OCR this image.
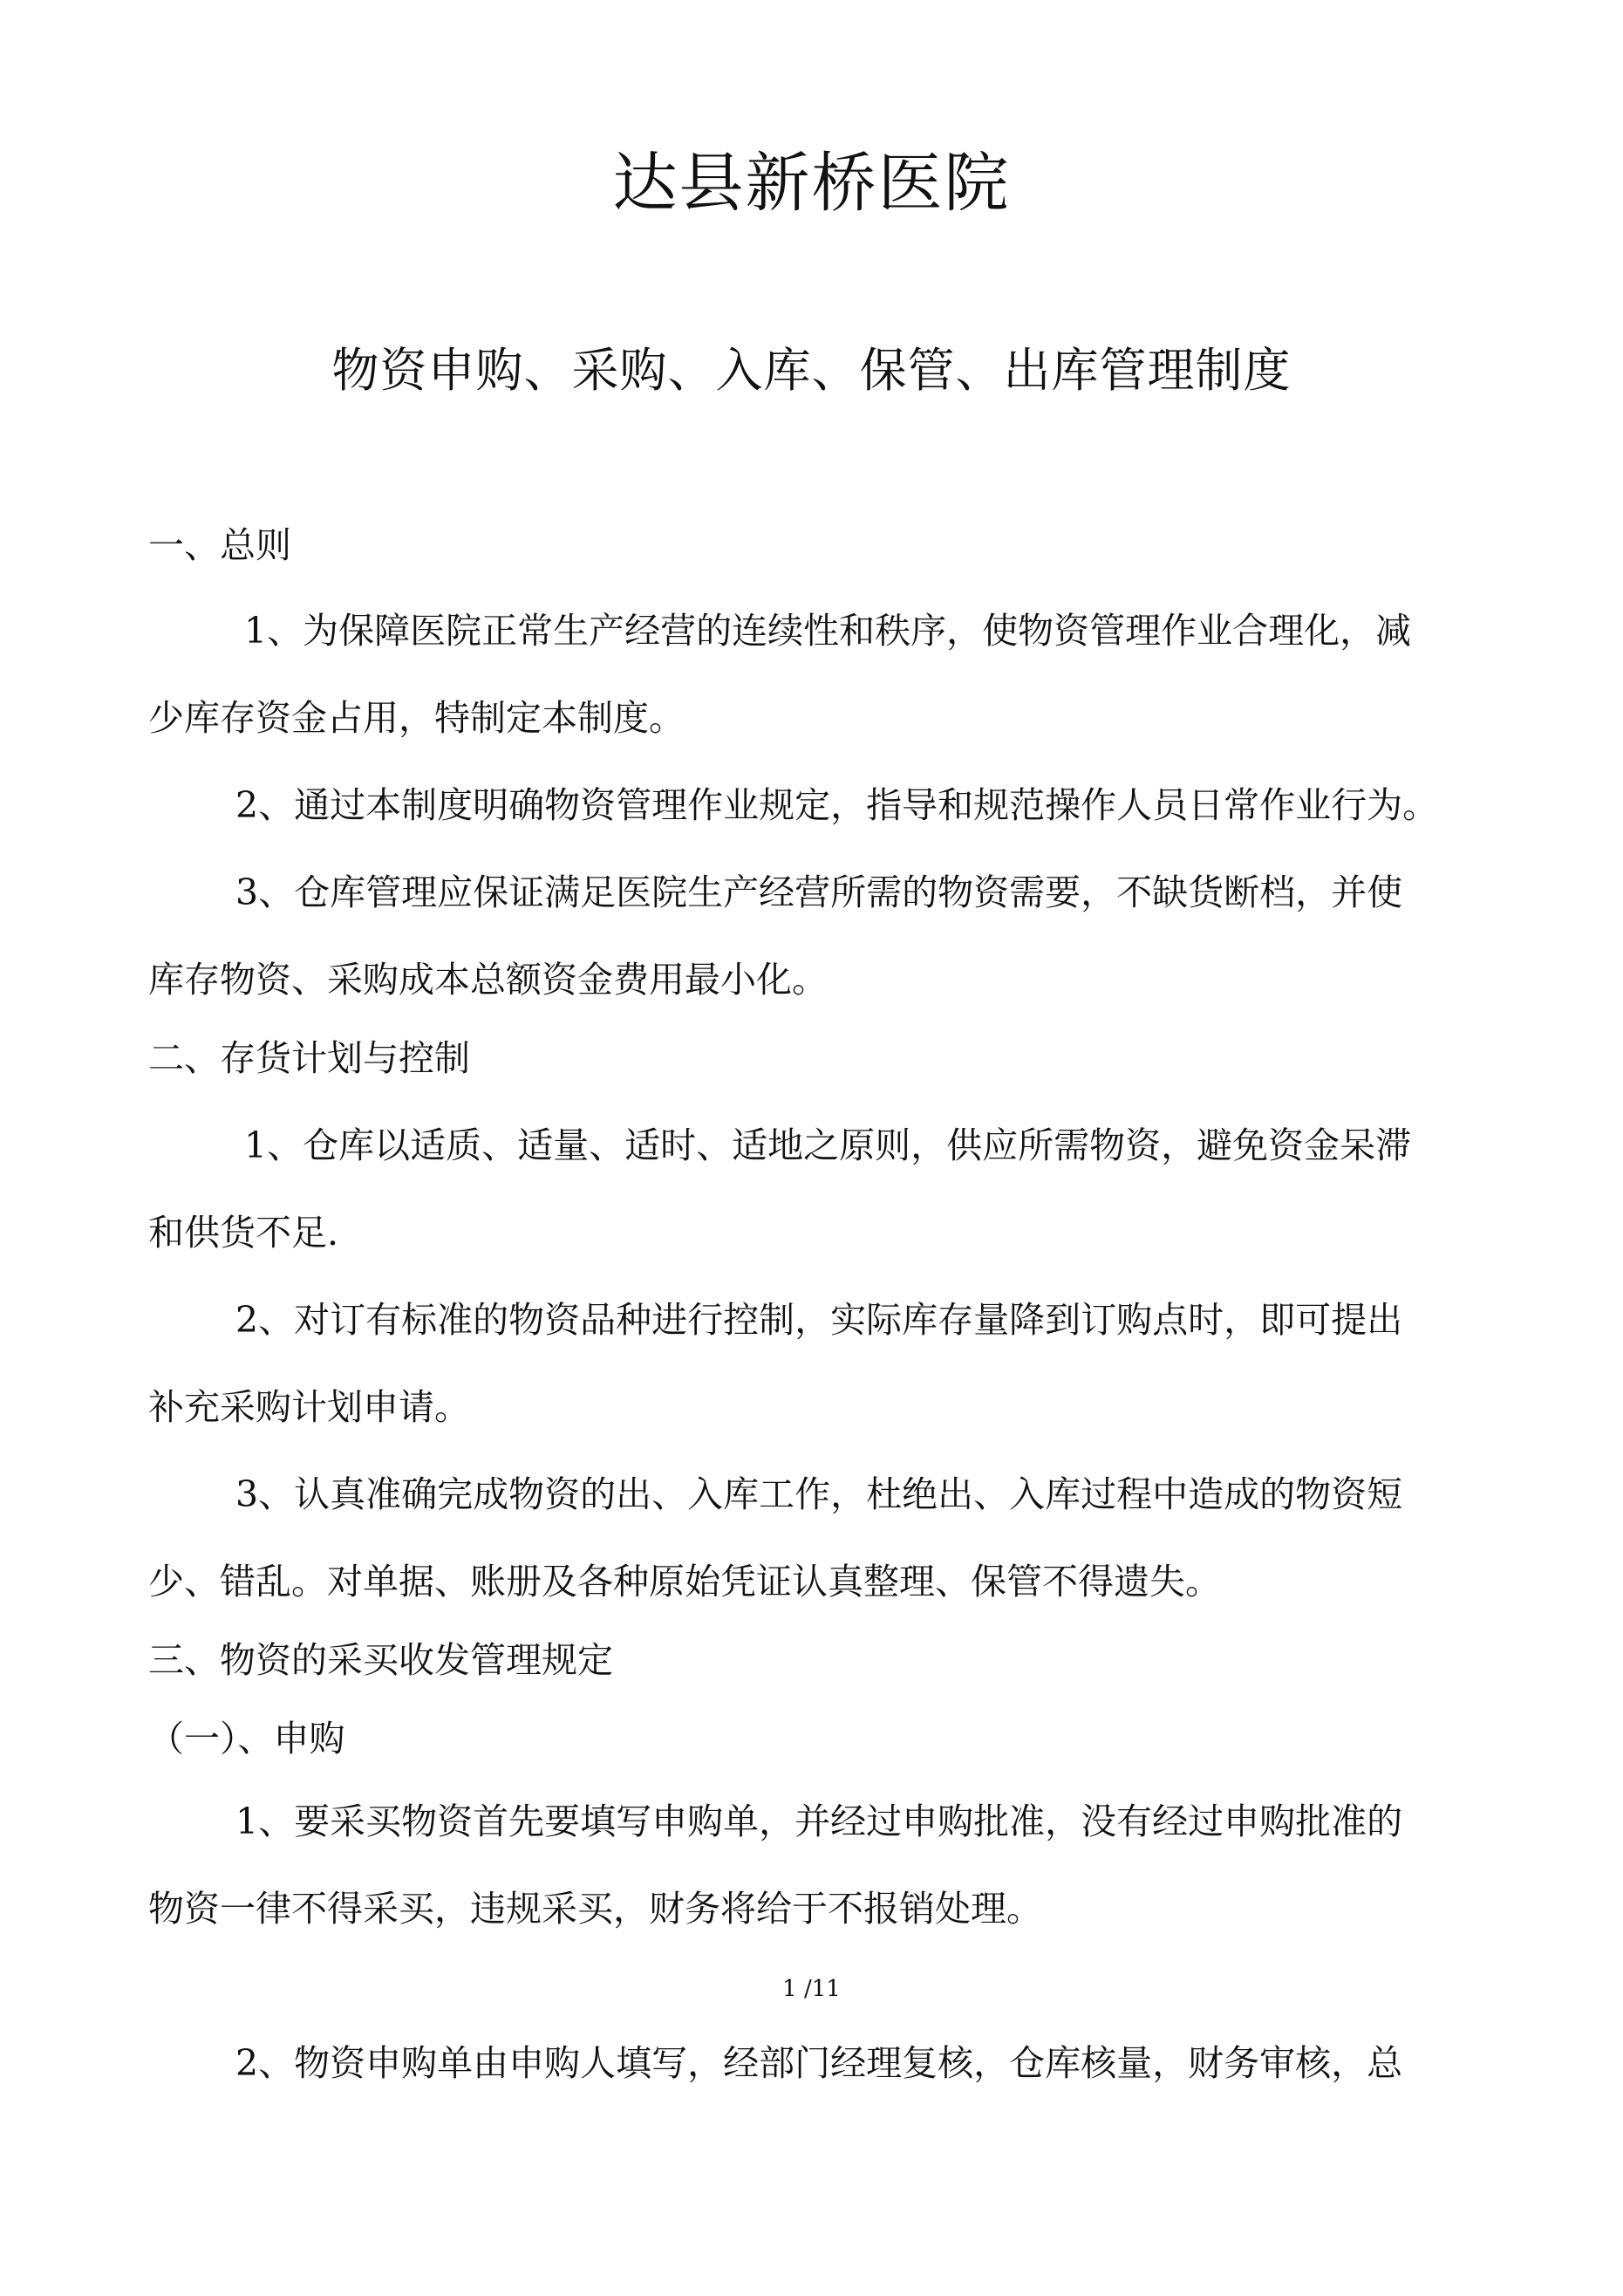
达县新桥医院
物资申购、采购、入库、保管、出库管理制度
一、总则
1、为保障医院正常生产经营的连续性和秩序，使物资管理作业合理化，减
少库存资金占用，特制定本制度。
2、通过本制度明确物资管理作业规定，指导和规范操作人员日常作业行为。
3、仓库管理应保证满足医院生产经营所需的物资需要，不缺货断档，并使
库存物资、采购成本总额资金费用最小化。
二、存货计划与控制
1、仓库以适质、适量、适时、适地之原则，供应所需物资，避免资金呆滞
和供货不足.
2、对订有标准的物资品种进行控制，实际库存量降到订购点时，即可提出
补充采购计划申请。
3、认真准确完成物资的出、入库工作，杜绝出、入库过程中造成的物资短
少、错乱。对单据、账册及各种原始凭证认真整理、保管不得遗失。
三、物资的采买收发管理规定
（一）、申购
1、要采买物资首先要填写申购单，并经过申购批准，没有经过申购批准的
物资一律不得采买，违规采买，财务将给于不报销处理。
1 /11
2、物资申购单由申购人填写，经部门经理复核，仓库核量，财务审核，总
